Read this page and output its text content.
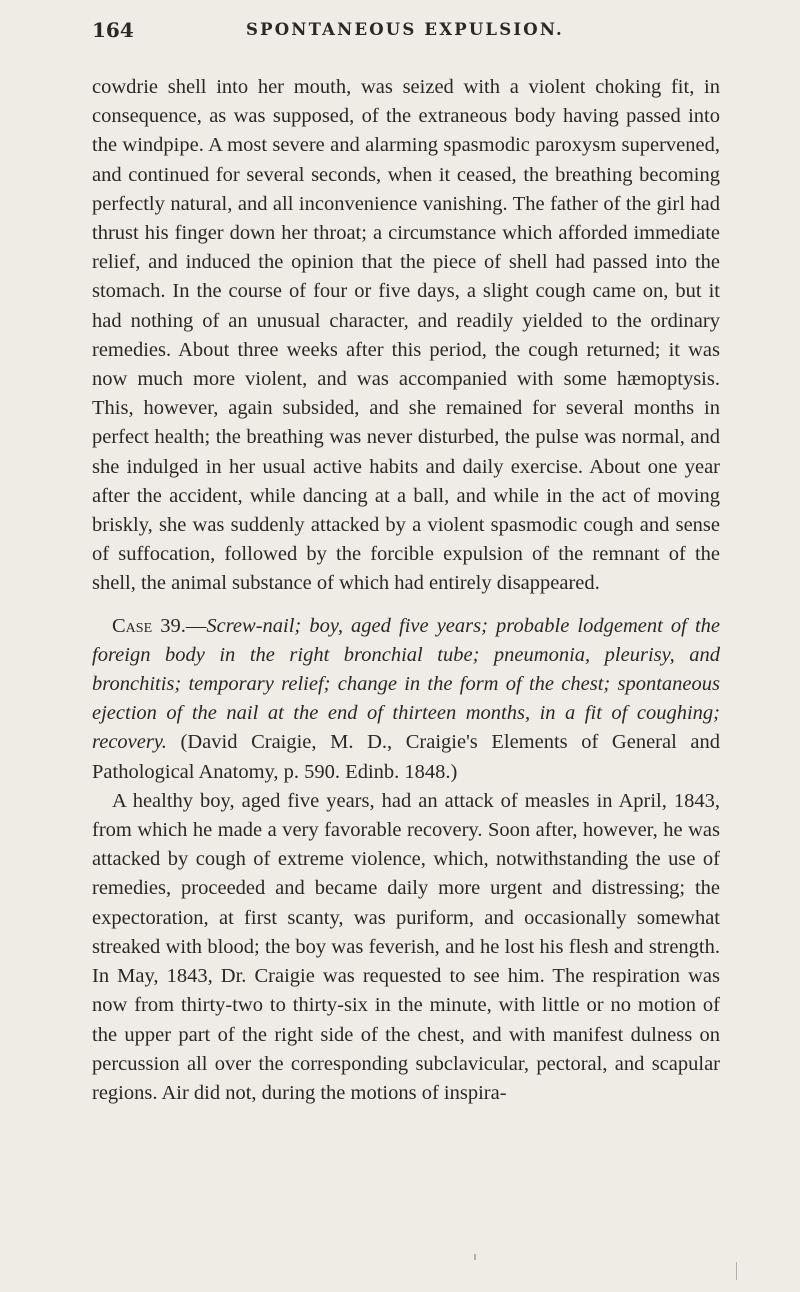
164	SPONTANEOUS EXPULSION.

cowdrie shell into her mouth, was seized with a violent choking fit, in consequence, as was supposed, of the extraneous body having passed into the windpipe. A most severe and alarming spasmodic paroxysm supervened, and continued for several seconds, when it ceased, the breathing becoming perfectly natural, and all inconvenience vanishing. The father of the girl had thrust his finger down her throat; a circumstance which afforded immediate relief, and induced the opinion that the piece of shell had passed into the stomach. In the course of four or five days, a slight cough came on, but it had nothing of an unusual character, and readily yielded to the ordinary remedies. About three weeks after this period, the cough returned; it was now much more violent, and was accompanied with some hæmoptysis. This, however, again subsided, and she remained for several months in perfect health; the breathing was never disturbed, the pulse was normal, and she indulged in her usual active habits and daily exercise. About one year after the accident, while dancing at a ball, and while in the act of moving briskly, she was suddenly attacked by a violent spasmodic cough and sense of suffocation, followed by the forcible expulsion of the remnant of the shell, the animal substance of which had entirely disappeared.

Case 39.—Screw-nail; boy, aged five years; probable lodgement of the foreign body in the right bronchial tube; pneumonia, pleurisy, and bronchitis; temporary relief; change in the form of the chest; spontaneous ejection of the nail at the end of thirteen months, in a fit of coughing; recovery. (David Craigie, M. D., Craigie's Elements of General and Pathological Anatomy, p. 590. Edinb. 1848.)

A healthy boy, aged five years, had an attack of measles in April, 1843, from which he made a very favorable recovery. Soon after, however, he was attacked by cough of extreme violence, which, notwithstanding the use of remedies, proceeded and became daily more urgent and distressing; the expectoration, at first scanty, was puriform, and occasionally somewhat streaked with blood; the boy was feverish, and he lost his flesh and strength. In May, 1843, Dr. Craigie was requested to see him. The respiration was now from thirty-two to thirty-six in the minute, with little or no motion of the upper part of the right side of the chest, and with manifest dulness on percussion all over the corresponding subclavicular, pectoral, and scapular regions. Air did not, during the motions of inspira-
